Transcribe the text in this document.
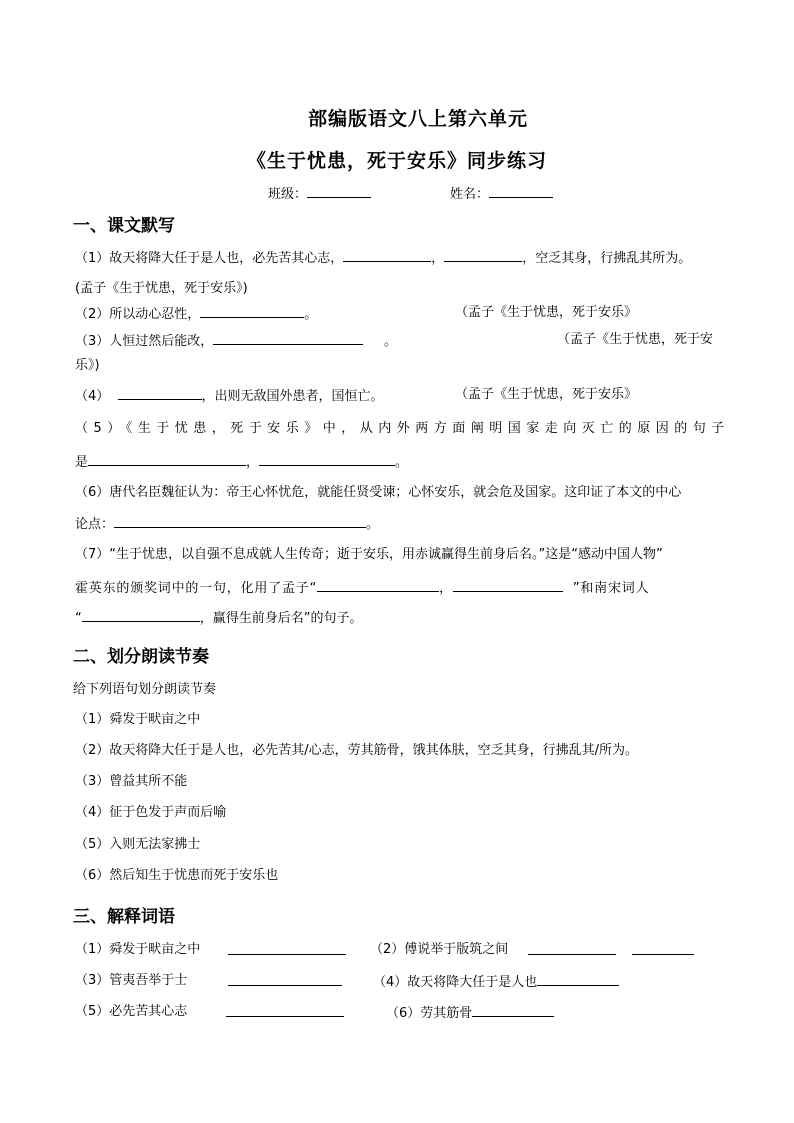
部编版语文八上第六单元
《生于忧患，死于安乐》同步练习
班级：	姓名：
一、课文默写
（1）故天将降大任于是人也，必先苦其心志，	，	，空乏其身，行拂乱其所为。
(孟子《生于忧患，死于安乐》)
（2）所以动心忍性，	。	（孟子《生于忧患，死于安乐》
（3）人恒过然后能改，	。	（孟子《生于忧患，死于安
乐》)
（4）	，出则无敌国外患者，国恒亡。	（孟子《生于忧患，死于安乐》
（5）《生于忧患，死于安乐》中，从内外两方面阐明国家走向灭亡的原因的句子
是	，	。
（6）唐代名臣魏征认为：帝王心怀忧危，就能任贤受谏；心怀安乐，就会危及国家。这印证了本文的中心
论点：	。
（7）“生于忧患，以自强不息成就人生传奇；逝于安乐，用赤诚赢得生前身后名。”这是“感动中国人物”
霍英东的颁奖词中的一句，化用了孟子“	，	”和南宋词人
“	，赢得生前身后名”的句子。
二、划分朗读节奏
给下列语句划分朗读节奏
（1）舜发于畎亩之中
（2）故天将降大任于是人也，必先苦其/心志，劳其筋骨，饿其体肤，空乏其身，行拂乱其/所为。
（3）曾益其所不能
（4）征于色发于声而后喻
（5）入则无法家拂士
（6）然后知生于忧患而死于安乐也
三、解释词语
（1）舜发于畎亩之中	（2）傅说举于版筑之间
（3）管夷吾举于士	（4）故天将降大任于是人也
（5）必先苦其心志	（6）劳其筋骨
